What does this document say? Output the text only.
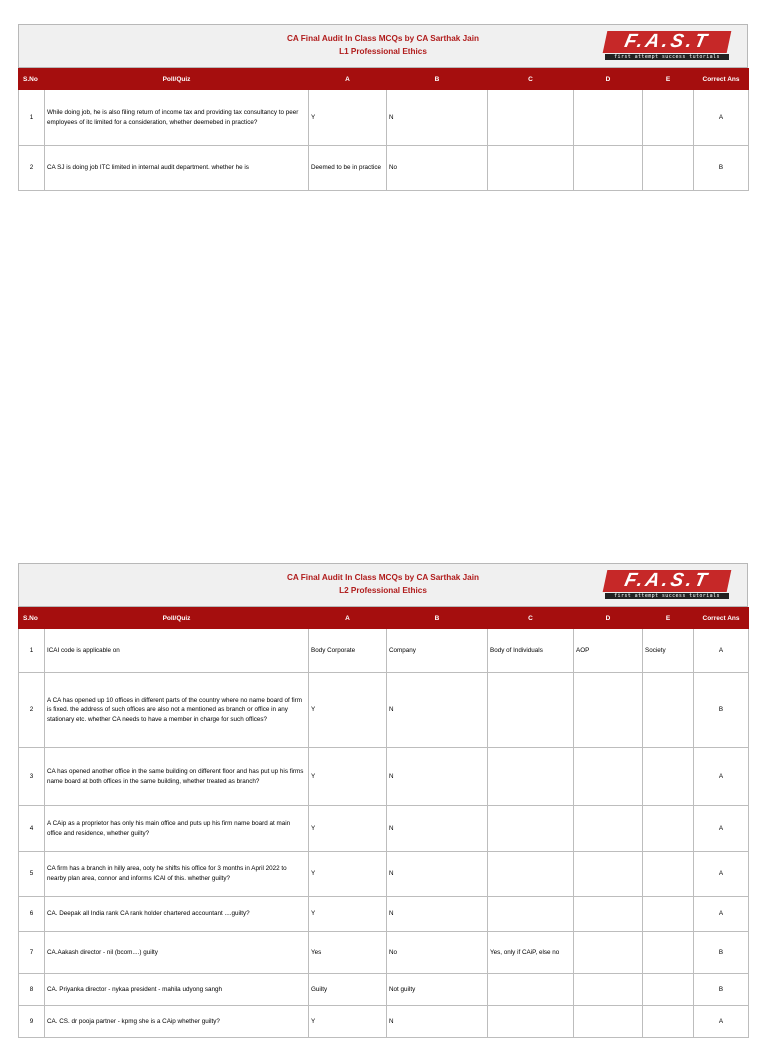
CA Final Audit In Class MCQs by CA Sarthak Jain
L1 Professional Ethics	F.A.S.T
first attempt success tutorials
S.No	Poll/Quiz	A	B	C	D	E	Correct Ans
1	While doing job, he is also filing return of income tax and providing tax consultancy to peer employees of itc limited for a consideration, whether deemebed in practice?	Y	N				A
2	CA SJ is doing job ITC limited in internal audit department. whether he is	Deemed to be in practice	No				B
CA Final Audit In Class MCQs by CA Sarthak Jain
L2 Professional Ethics	F.A.S.T
first attempt success tutorials
S.No	Poll/Quiz	A	B	C	D	E	Correct Ans
1	ICAI code is applicable on	Body Corporate	Company	Body of Individuals	AOP	Society	A
2	A CA has opened up 10 offices in different parts of the country where no name board of firm is fixed. the address of such offices are also not a mentioned as branch or office in any stationary etc. whether CA needs to have a member in charge for such offices?	Y	N				B
3	CA has opened another office in the same building on different floor and has put up his firms name board at both offices in the same building, whether treated as branch?	Y	N				A
4	A CAip as a proprietor has only his main office and puts up his firm name board at main office and residence, whether guilty?	Y	N				A
5	CA firm has a branch in hilly area, ooty he shifts his office for 3 months in April 2022 to nearby plan area, connor and informs ICAI of this. whether guilty?	Y	N				A
6	CA. Deepak all India rank CA rank holder chartered accountant ....guilty?	Y	N				A
7	CA.Aakash director - nil (bcom....) guilty	Yes	No	Yes, only if CAiP, else no			B
8	CA. Priyanka director - nykaa president - mahila udyong sangh	Guilty	Not guilty				B
9	CA. CS. dr pooja partner - kpmg she is a CAip whether guilty?	Y	N				A
